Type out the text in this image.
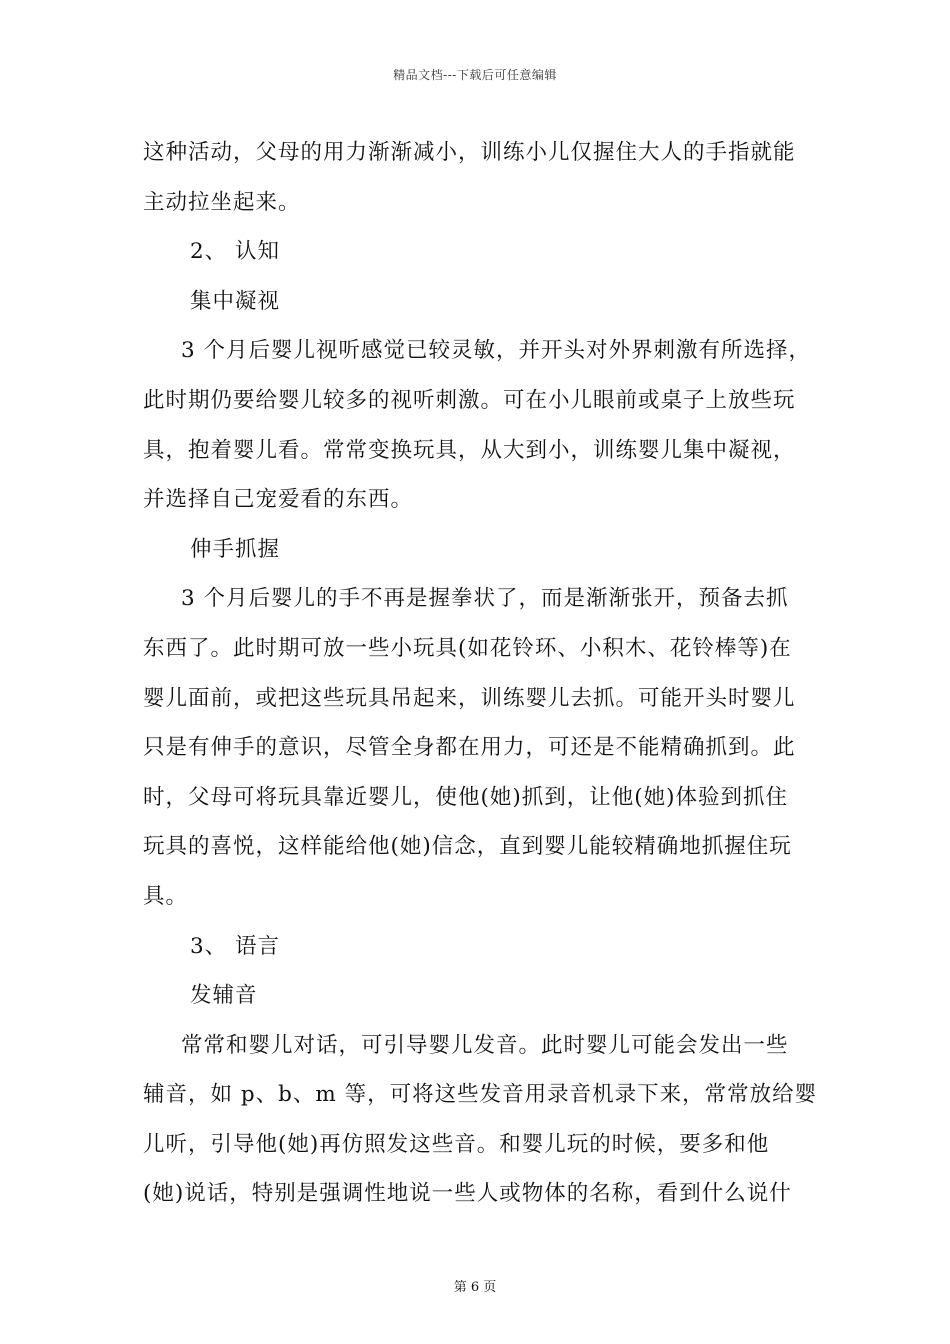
精品文档---下载后可任意编辑
这种活动，父母的用力渐渐减小，训练小儿仅握住大人的手指就能
主动拉坐起来。
2、 认知
集中凝视
3 个月后婴儿视听感觉已较灵敏，并开头对外界刺激有所选择，
此时期仍要给婴儿较多的视听刺激。可在小儿眼前或桌子上放些玩
具，抱着婴儿看。常常变换玩具，从大到小，训练婴儿集中凝视，
并选择自己宠爱看的东西。
伸手抓握
3 个月后婴儿的手不再是握拳状了，而是渐渐张开，预备去抓
东西了。此时期可放一些小玩具(如花铃环、小积木、花铃棒等)在
婴儿面前，或把这些玩具吊起来，训练婴儿去抓。可能开头时婴儿
只是有伸手的意识，尽管全身都在用力，可还是不能精确抓到。此
时，父母可将玩具靠近婴儿，使他(她)抓到，让他(她)体验到抓住
玩具的喜悦，这样能给他(她)信念，直到婴儿能较精确地抓握住玩
具。
3、 语言
发辅音
常常和婴儿对话，可引导婴儿发音。此时婴儿可能会发出一些
辅音，如 p、b、m 等，可将这些发音用录音机录下来，常常放给婴
儿听，引导他(她)再仿照发这些音。和婴儿玩的时候，要多和他
(她)说话，特别是强调性地说一些人或物体的名称，看到什么说什
第 6 页
